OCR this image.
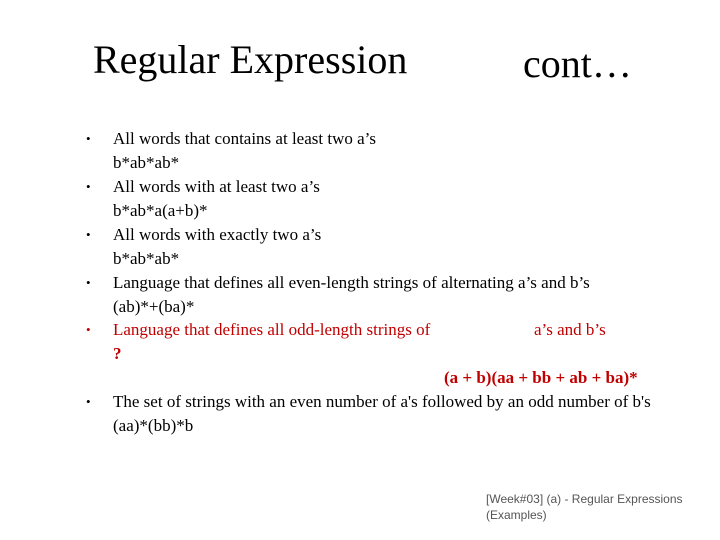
Regular Expression	cont…
• All words that contains at least two a’s
b*ab*ab*
• All words with at least two a’s
b*ab*a(a+b)*
• All words with exactly two a’s
b*ab*ab*
• Language that defines all even-length strings of alternating a’s and b’s
(ab)*+(ba)*
• Language that defines all odd-length strings of	a’s and b’s
?
(a + b)(aa + bb + ab + ba)*
• The set of strings with an even number of a's followed by an odd number of b's
(aa)*(bb)*b
[Week#03] (a) - Regular Expressions
(Examples)
